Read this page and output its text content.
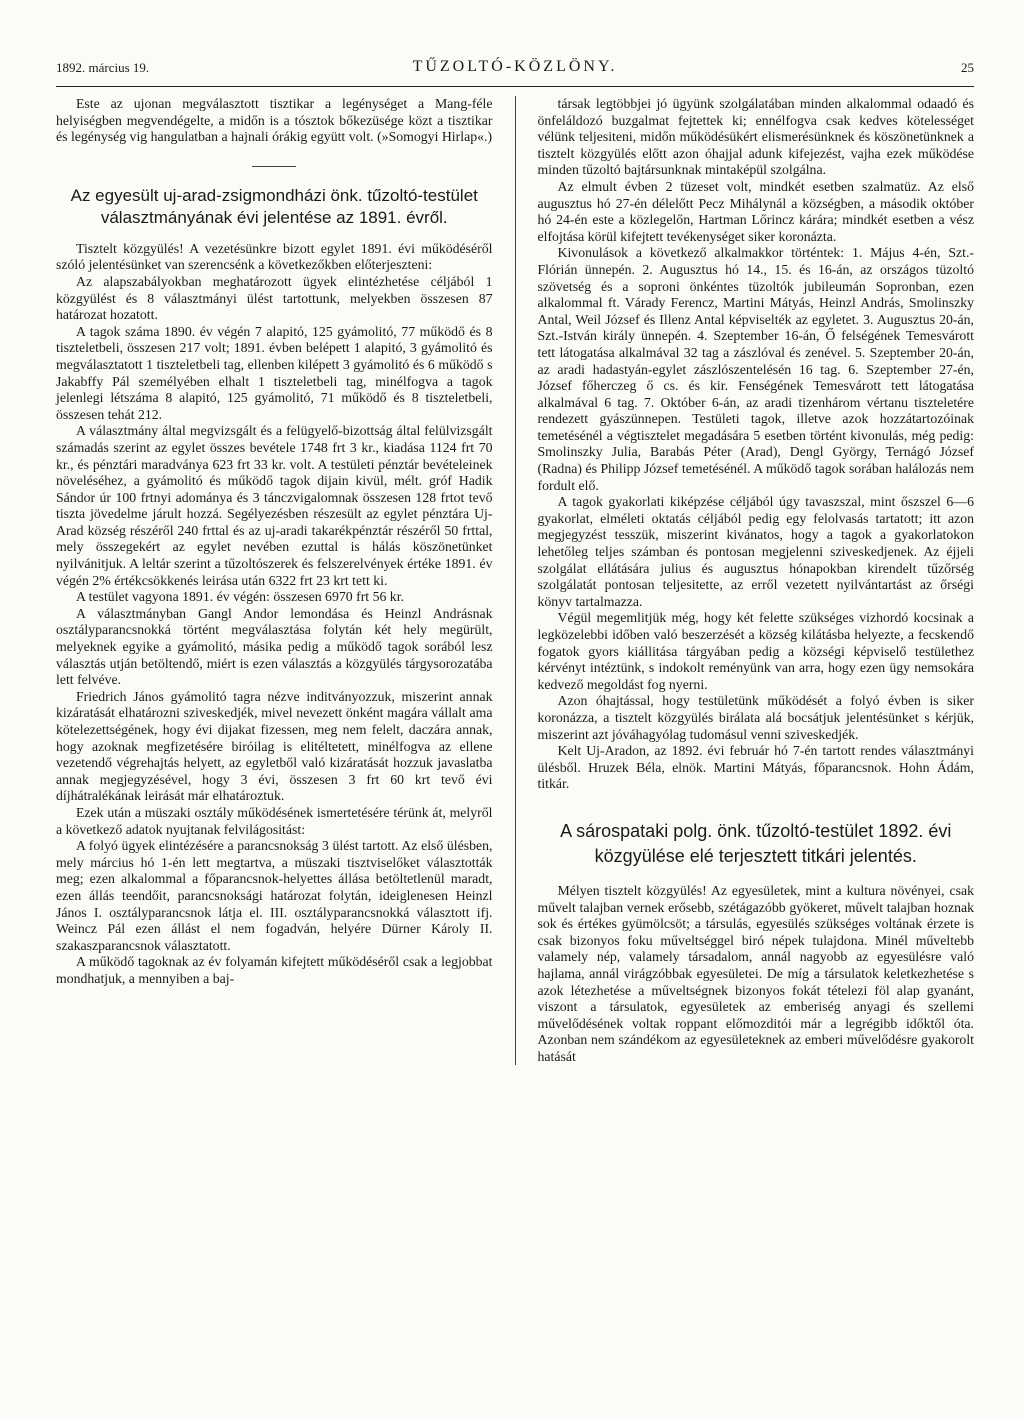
1892. március 19.	TŰZOLTÓ-KÖZLÖNY.	25

Este az ujonan megválasztott tisztikar a legénységet a Mang-féle helyiségben megvendégelte, a midőn is a tósztok bőkezüsége közt a tisztikar és legénység vig hangulatban a hajnali órákig együtt volt. (»Somogyi Hirlap«.)

Az egyesült uj-arad-zsigmondházi önk. tűzoltó-testület választmányának évi jelentése az 1891. évről.

Tisztelt közgyülés! A vezetésünkre bizott egylet 1891. évi működéséről szóló jelentésünket van szerencsénk a következőkben előterjeszteni:

Az alapszabályokban meghatározott ügyek elintézhetése céljából 1 közgyülést és 8 választmányi ülést tartottunk, melyekben összesen 87 határozat hozatott.

A tagok száma 1890. év végén 7 alapitó, 125 gyámolitó, 77 működő és 8 tiszteletbeli, összesen 217 volt; 1891. évben belépett 1 alapitó, 3 gyámolitó és megválasztatott 1 tiszteletbeli tag, ellenben kilépett 3 gyámolitó és 6 működő s Jakabffy Pál személyében elhalt 1 tiszteletbeli tag, minélfogva a tagok jelenlegi létszáma 8 alapitó, 125 gyámolitó, 71 működő és 8 tiszteletbeli, összesen tehát 212.

A választmány által megvizsgált és a felügyelő-bizottság által felülvizsgált számadás szerint az egylet összes bevétele 1748 frt 3 kr., kiadása 1124 frt 70 kr., és pénztári maradványa 623 frt 33 kr. volt. A testületi pénztár bevételeinek növeléséhez, a gyámolitó és működő tagok dijain kivül, mélt. gróf Hadik Sándor úr 100 frtnyi adománya és 3 tánczvigalomnak összesen 128 frtot tevő tiszta jövedelme járult hozzá. Segélyezésben részesült az egylet pénztára Uj-Arad község részéről 240 frttal és az uj-aradi takarékpénztár részéről 50 frttal, mely összegekért az egylet nevében ezuttal is hálás köszönetünket nyilvánitjuk. A leltár szerint a tűzoltószerek és felszerelvények értéke 1891. év végén 2% értékcsökkenés leirása után 6322 frt 23 krt tett ki.

A testület vagyona 1891. év végén: összesen 6970 frt 56 kr.

A választmányban Gangl Andor lemondása és Heinzl Andrásnak osztályparancsnokká történt megválasztása folytán két hely megürült, melyeknek egyike a gyámolitó, másika pedig a működő tagok sorából lesz választás utján betöltendő, miért is ezen választás a közgyülés tárgysorozatába lett felvéve.

Friedrich János gyámolitó tagra nézve inditványozzuk, miszerint annak kizáratását elhatározni sziveskedjék, mivel nevezett önként magára vállalt ama kötelezettségének, hogy évi dijakat fizessen, meg nem felelt, daczára annak, hogy azoknak megfizetésére biróilag is elitéltetett, minélfogva az ellene vezetendő végrehajtás helyett, az egyletből való kizáratását hozzuk javaslatba annak megjegyzésével, hogy 3 évi, összesen 3 frt 60 krt tevő évi díjhátralékának leirását már elhatároztuk.

Ezek után a müszaki osztály működésének ismertetésére térünk át, melyről a következő adatok nyujtanak felvilágositást:

A folyó ügyek elintézésére a parancsnokság 3 ülést tartott. Az első ülésben, mely március hó 1-én lett megtartva, a müszaki tisztviselőket választották meg; ezen alkalommal a főparancsnok-helyettes állása betöltetlenül maradt, ezen állás teendőit, parancsnoksági határozat folytán, ideiglenesen Heinzl János I. osztályparancsnok látja el. III. osztályparancsnokká választott ifj. Weincz Pál ezen állást el nem fogadván, helyére Dürner Károly II. szakaszparancsnok választatott.

A működő tagoknak az év folyamán kifejtett működéséről csak a legjobbat mondhatjuk, a mennyiben a baj-

társak legtöbbjei jó ügyünk szolgálatában minden alkalommal odaadó és önfeláldozó buzgalmat fejtettek ki; ennélfogva csak kedves kötelességet vélünk teljesiteni, midőn működésükért elismerésünknek és köszönetünknek a tisztelt közgyülés előtt azon óhajjal adunk kifejezést, vajha ezek működése minden tűzoltó bajtársunknak mintaképül szolgálna.

Az elmult évben 2 tüzeset volt, mindkét esetben szalmatüz. Az első augusztus hó 27-én délelőtt Pecz Mihálynál a községben, a második október hó 24-én este a közlegelőn, Hartman Lőrincz kárára; mindkét esetben a vész elfojtása körül kifejtett tevékenységet siker koronázta.

Kivonulások a következő alkalmakkor történtek: 1. Május 4-én, Szt.-Flórián ünnepén. 2. Augusztus hó 14., 15. és 16-án, az országos tüzoltó szövetség és a soproni önkéntes tüzoltók jubileumán Sopronban, ezen alkalommal ft. Várady Ferencz, Martini Mátyás, Heinzl András, Smolinszky Antal, Weil József és Illenz Antal képviselték az egyletet. 3. Augusztus 20-án, Szt.-István király ünnepén. 4. Szeptember 16-án, Ő felségének Temesvárott tett látogatása alkalmával 32 tag a zászlóval és zenével. 5. Szeptember 20-án, az aradi hadastyán-egylet zászlószentelésén 16 tag. 6. Szeptember 27-én, József főherczeg ő cs. és kir. Fenségének Temesvárott tett látogatása alkalmával 6 tag. 7. Október 6-án, az aradi tizenhárom vértanu tiszteletére rendezett gyászünnepen. Testületi tagok, illetve azok hozzátartozóinak temetésénél a végtisztelet megadására 5 esetben történt kivonulás, még pedig: Smolinszky Julia, Barabás Péter (Arad), Dengl György, Ternágó József (Radna) és Philipp József temetésénél. A működő tagok sorában halálozás nem fordult elő.

A tagok gyakorlati kiképzése céljából úgy tavaszszal, mint őszszel 6—6 gyakorlat, elméleti oktatás céljából pedig egy felolvasás tartatott; itt azon megjegyzést tesszük, miszerint kivánatos, hogy a tagok a gyakorlatokon lehetőleg teljes számban és pontosan megjelenni sziveskedjenek. Az éjjeli szolgálat ellátására julius és augusztus hónapokban kirendelt tűzőrség szolgálatát pontosan teljesitette, az erről vezetett nyilvántartást az őrségi könyv tartalmazza.

Végül megemlitjük még, hogy két felette szükséges vizhordó kocsinak a legközelebbi időben való beszerzését a község kilátásba helyezte, a fecskendő fogatok gyors kiállitása tárgyában pedig a községi képviselő testülethez kérvényt intéztünk, s indokolt reményünk van arra, hogy ezen ügy nemsokára kedvező megoldást fog nyerni.

Azon óhajtással, hogy testületünk működését a folyó évben is siker koronázza, a tisztelt közgyülés birálata alá bocsátjuk jelentésünket s kérjük, miszerint azt jóváhagyólag tudomásul venni sziveskedjék.

Kelt Uj-Aradon, az 1892. évi február hó 7-én tartott rendes választmányi ülésből. Hruzek Béla, elnök. Martini Mátyás, főparancsnok. Hohn Ádám, titkár.

A sárospataki polg. önk. tűzoltó-testület 1892. évi közgyülése elé terjesztett titkári jelentés.

Mélyen tisztelt közgyülés! Az egyesületek, mint a kultura növényei, csak művelt talajban vernek erősebb, szétágazóbb gyökeret, művelt talajban hoznak sok és értékes gyümölcsöt; a társulás, egyesülés szükséges voltának érzete is csak bizonyos foku műveltséggel biró népek tulajdona. Minél műveltebb valamely nép, valamely társadalom, annál nagyobb az egyesülésre való hajlama, annál virágzóbbak egyesületei. De míg a társulatok keletkezhetése s azok létezhetése a műveltségnek bizonyos fokát tételezi föl alap gyanánt, viszont a társulatok, egyesületek az emberiség anyagi és szellemi művelődésének voltak roppant előmozditói már a legrégibb időktől óta. Azonban nem szándékom az egyesületeknek az emberi művelődésre gyakorolt hatását
